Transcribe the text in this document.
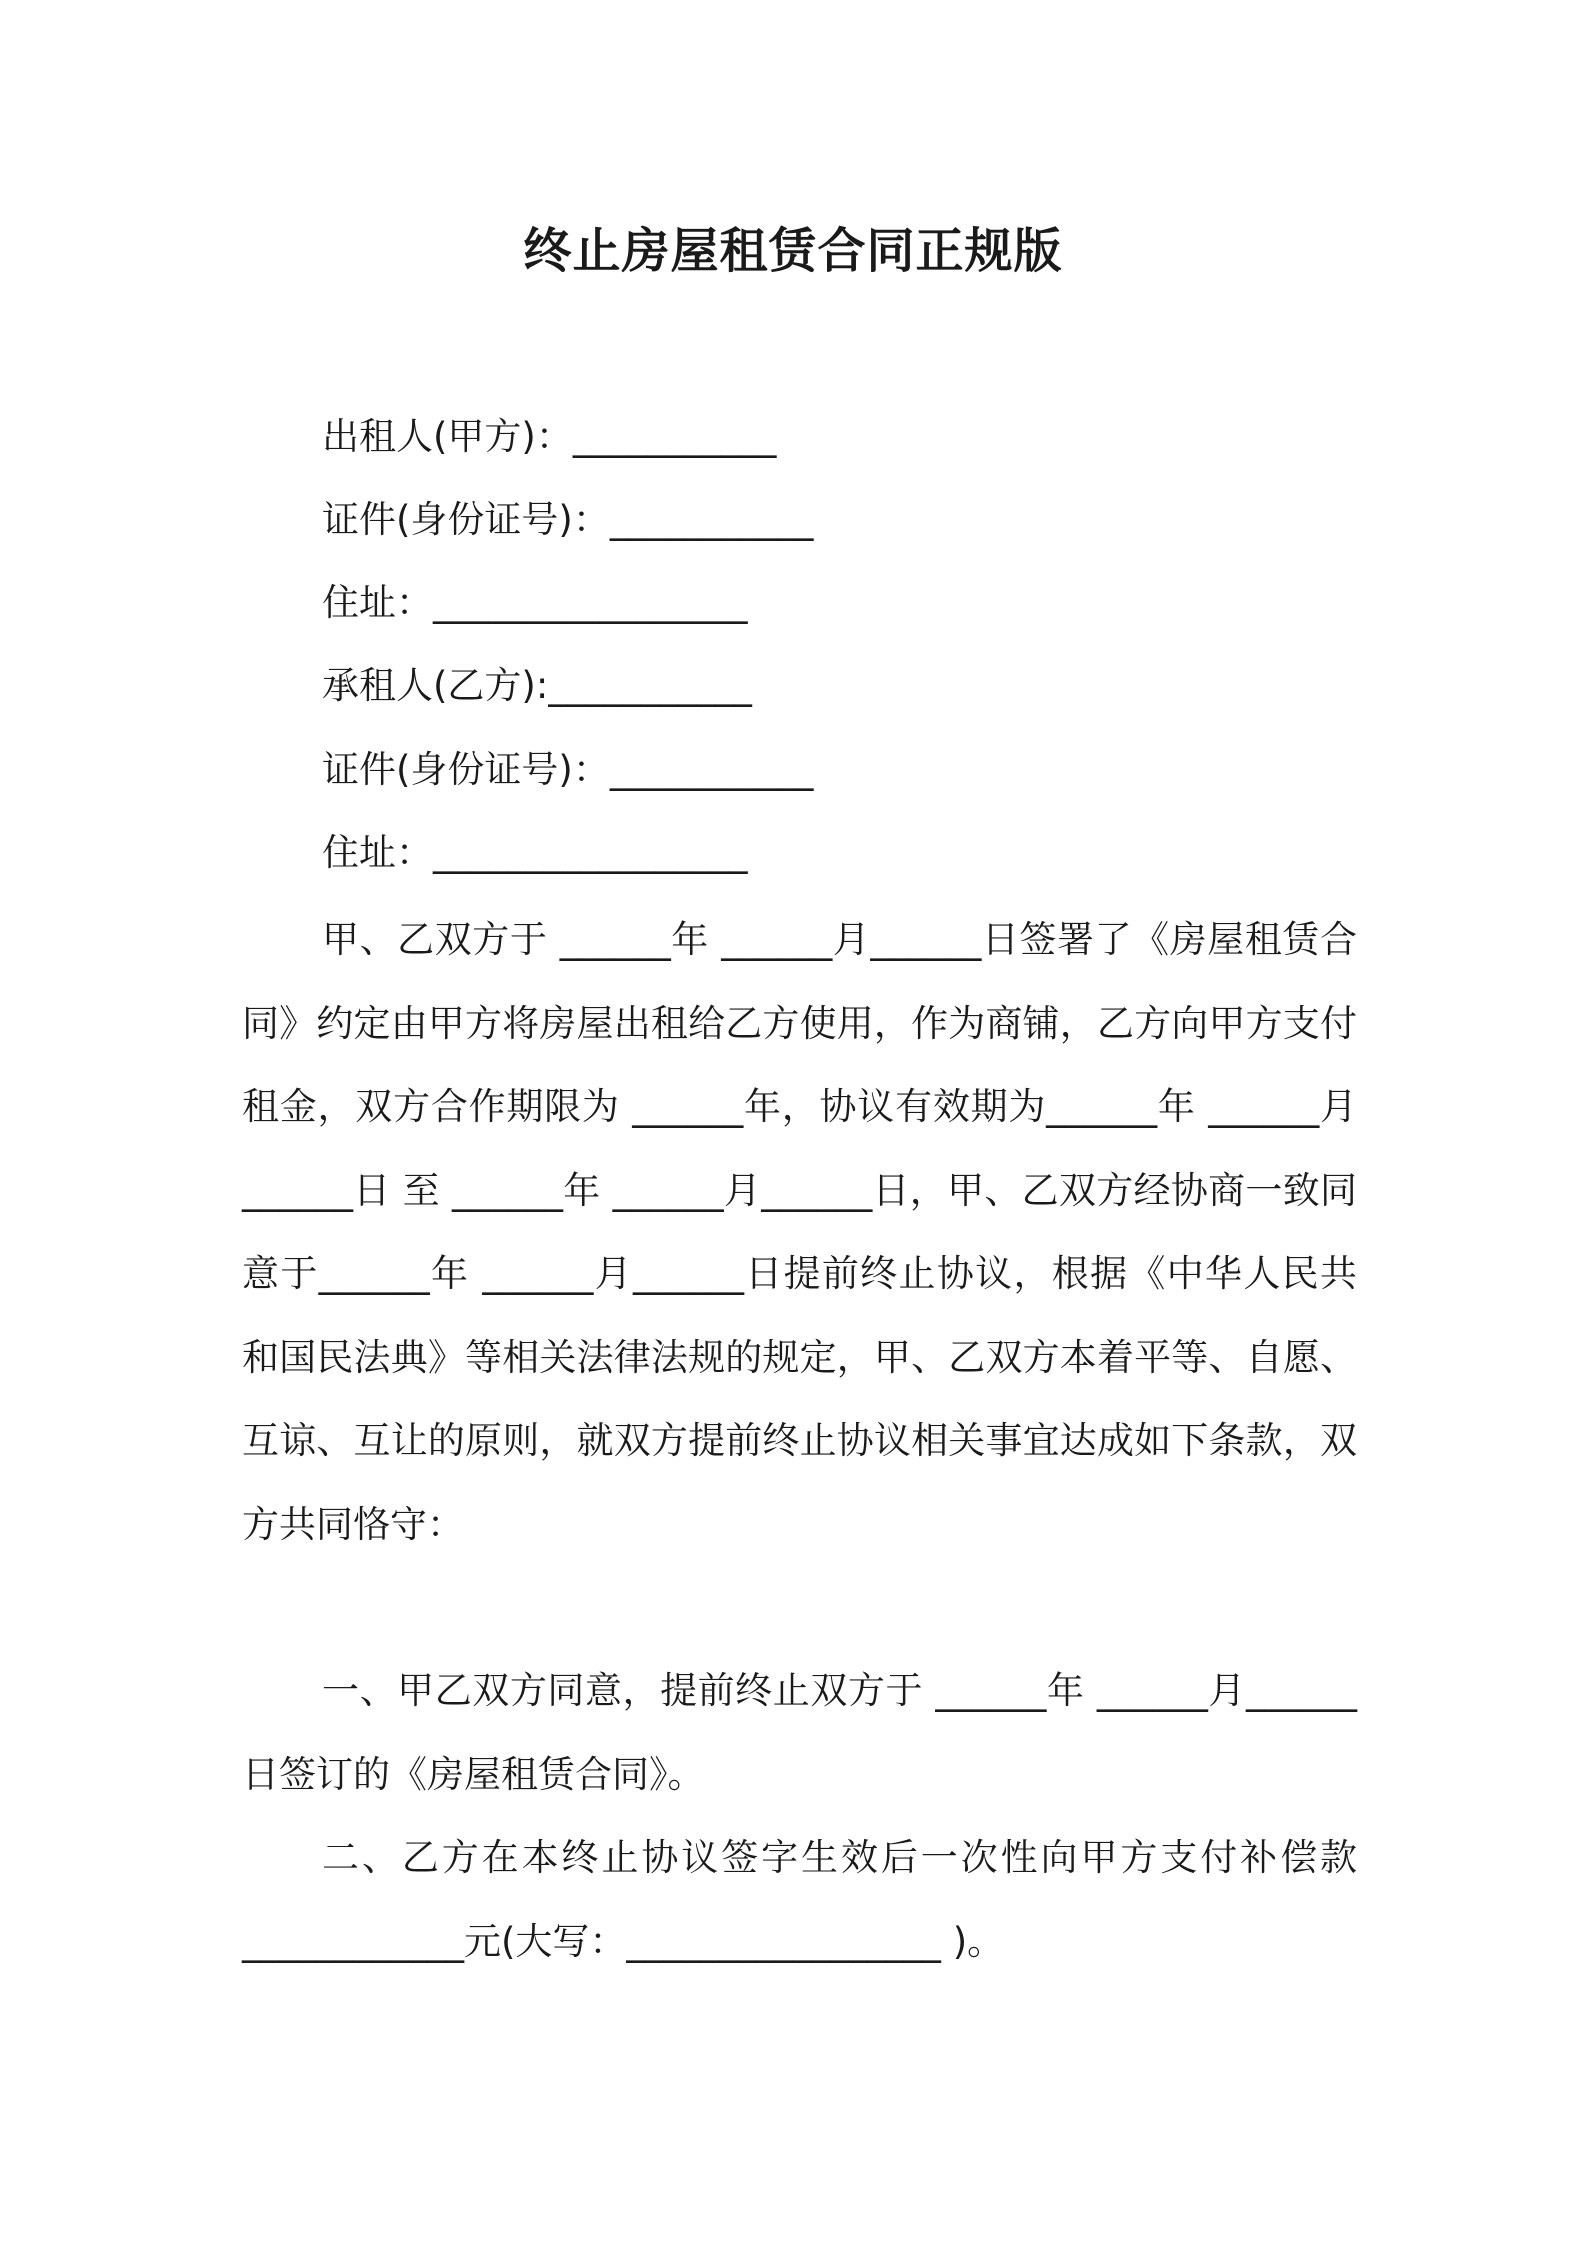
终止房屋租赁合同正规版
出租人(甲方)：___________
证件(身份证号)：___________
住址：_________________
承租人(乙方):___________
证件(身份证号)：___________
住址：_________________
甲、乙双方于 ______年 ______月______日签署了《房屋租赁合同》约定由甲方将房屋出租给乙方使用，作为商铺，乙方向甲方支付租金，双方合作期限为 ______年，协议有效期为______年 ______月 ______日 至 ______年 ______月______日，甲、乙双方经协商一致同意于______年 ______月______日提前终止协议，根据《中华人民共和国民法典》等相关法律法规的规定，甲、乙双方本着平等、自愿、互谅、互让的原则，就双方提前终止协议相关事宜达成如下条款，双方共同恪守：
一、甲乙双方同意，提前终止双方于 ______年 ______月______日签订的《房屋租赁合同》。
二、乙方在本终止协议签字生效后一次性向甲方支付补偿款____________元(大写：_________________ )。
